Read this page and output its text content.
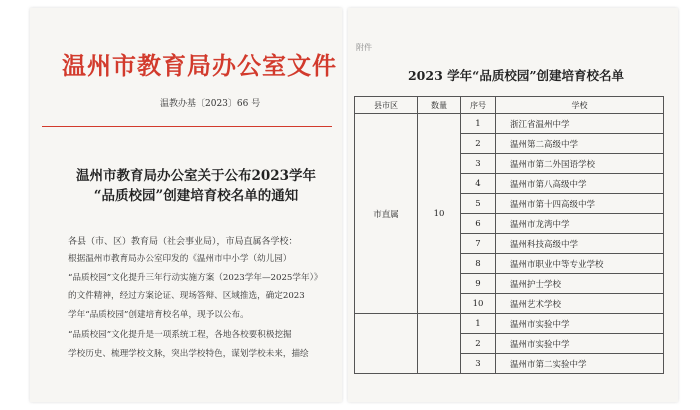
温州市教育局办公室文件
温教办基〔2023〕66 号
温州市教育局办公室关于公布2023学年
“品质校园”创建培育校名单的通知
各县（市、区）教育局（社会事业局），市局直属各学校：
根据温州市教育局办公室印发的《温州市中小学（幼儿园）
“品质校园”文化提升三年行动实施方案（2023学年—2025学年）》
的文件精神，经过方案论证、现场答辩、区域推选，确定2023
学年“品质校园”创建培育校名单，现予以公布。
“品质校园”文化提升是一项系统工程，各地各校要积极挖掘
学校历史、梳理学校文脉，突出学校特色，谋划学校未来，描绘
附件
2023 学年“品质校园”创建培育校名单
县市区	数量	序号	学校
市直属	10	1	浙江省温州中学
		2	温州第二高级中学
		3	温州市第二外国语学校
		4	温州市第八高级中学
		5	温州市第十四高级中学
		6	温州市龙湾中学
		7	温州科技高级中学
		8	温州市职业中等专业学校
		9	温州护士学校
		10	温州艺术学校
		1	温州市实验中学
		2	温州市实验中学
		3	温州市第二实验中学
